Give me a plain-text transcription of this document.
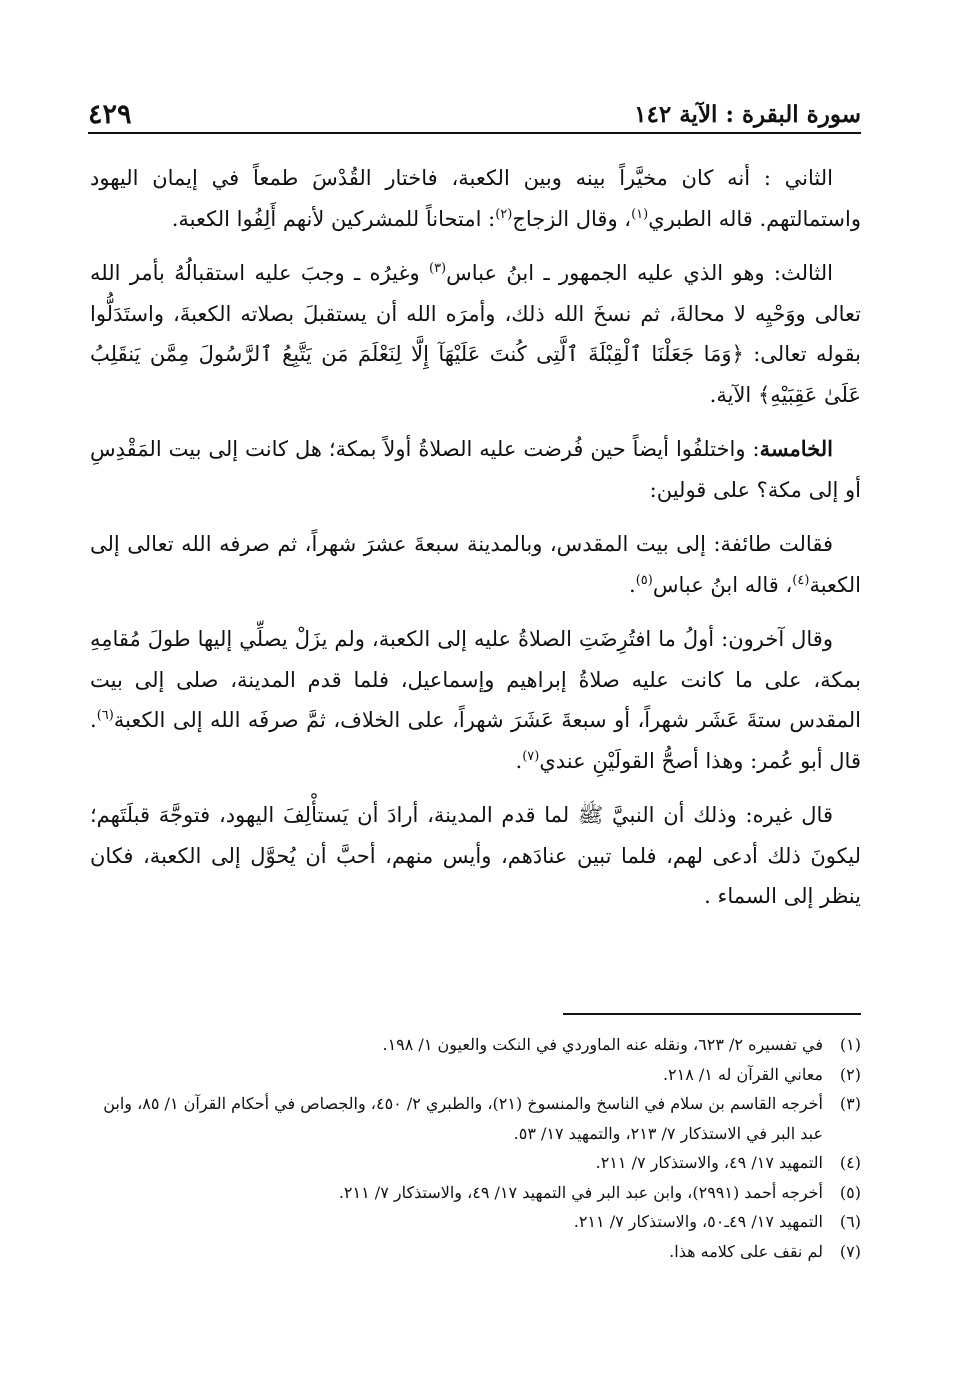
سورة البقرة : الآية ١٤٢
٤٢٩

الثاني : أنه كان مخيَّراً بينه وبين الكعبة، فاختار القُدْسَ طمعاً في إيمان اليهود واستمالتهم. قاله الطبري$^{(١)}$، وقال الزجاج$^{(٢)}$: امتحاناً للمشركين لأنهم أَلِفُوا الكعبة.

الثالث: وهو الذي عليه الجمهور ـ ابنُ عباس$^{(٣)}$ وغيرُه ـ وجبَ عليه استقبالُهُ بأمر الله تعالى ووَحْيِه لا محالةَ، ثم نسخَ الله ذلك، وأمرَه الله أن يستقبلَ بصلاته الكعبةَ، واستَدَلُّوا بقوله تعالى: ﴿وَمَا جَعَلْنَا ٱلْقِبْلَةَ ٱلَّتِى كُنتَ عَلَيْهَآ إِلَّا لِنَعْلَمَ مَن يَتَّبِعُ ٱلرَّسُولَ مِمَّن يَنقَلِبُ عَلَىٰ عَقِبَيْهِ﴾ الآية.

الخامسة: واختلفُوا أيضاً حين فُرضت عليه الصلاةُ أولاً بمكة؛ هل كانت إلى بيت المَقْدِسِ أو إلى مكة؟ على قولين:

فقالت طائفة: إلى بيت المقدس، وبالمدينة سبعةَ عشرَ شهراً، ثم صرفه الله تعالى إلى الكعبة$^{(٤)}$، قاله ابنُ عباس$^{(٥)}$.

وقال آخرون: أولُ ما افتُرِضَتِ الصلاةُ عليه إلى الكعبة، ولم يزَلْ يصلِّي إليها طولَ مُقامِهِ بمكة، على ما كانت عليه صلاةُ إبراهيم وإسماعيل، فلما قدم المدينة، صلى إلى بيت المقدس ستةَ عَشَر شهراً، أو سبعةَ عَشَرَ شهراً، على الخلاف، ثمَّ صرفَه الله إلى الكعبة$^{(٦)}$. قال أبو عُمر: وهذا أصحُّ القولَيْنِ عندي$^{(٧)}$.

قال غيره: وذلك أن النبيَّ ﷺ لما قدم المدينة، أرادَ أن يَستأْلِفَ اليهود، فتوجَّهَ قبلَتَهم؛ ليكونَ ذلك أدعى لهم، فلما تبين عنادَهم، وأيس منهم، أحبَّ أن يُحوَّل إلى الكعبة، فكان ينظر إلى السماء .

(١)
في تفسيره ٢/ ٦٢٣، ونقله عنه الماوردي في النكت والعيون ١/ ١٩٨.
(٢)
معاني القرآن له ١/ ٢١٨.
(٣)
أخرجه القاسم بن سلام في الناسخ والمنسوخ (٢١)، والطبري ٢/ ٤٥٠، والجصاص في أحكام القرآن ١/ ٨٥، وابن عبد البر في الاستذكار ٧/ ٢١٣، والتمهيد ١٧/ ٥٣.
(٤)
التمهيد ١٧/ ٤٩، والاستذكار ٧/ ٢١١.
(٥)
أخرجه أحمد (٢٩٩١)، وابن عبد البر في التمهيد ١٧/ ٤٩، والاستذكار ٧/ ٢١١.
(٦)
التمهيد ١٧/ ٤٩ـ٥٠، والاستذكار ٧/ ٢١١.
(٧)
لم نقف على كلامه هذا.
